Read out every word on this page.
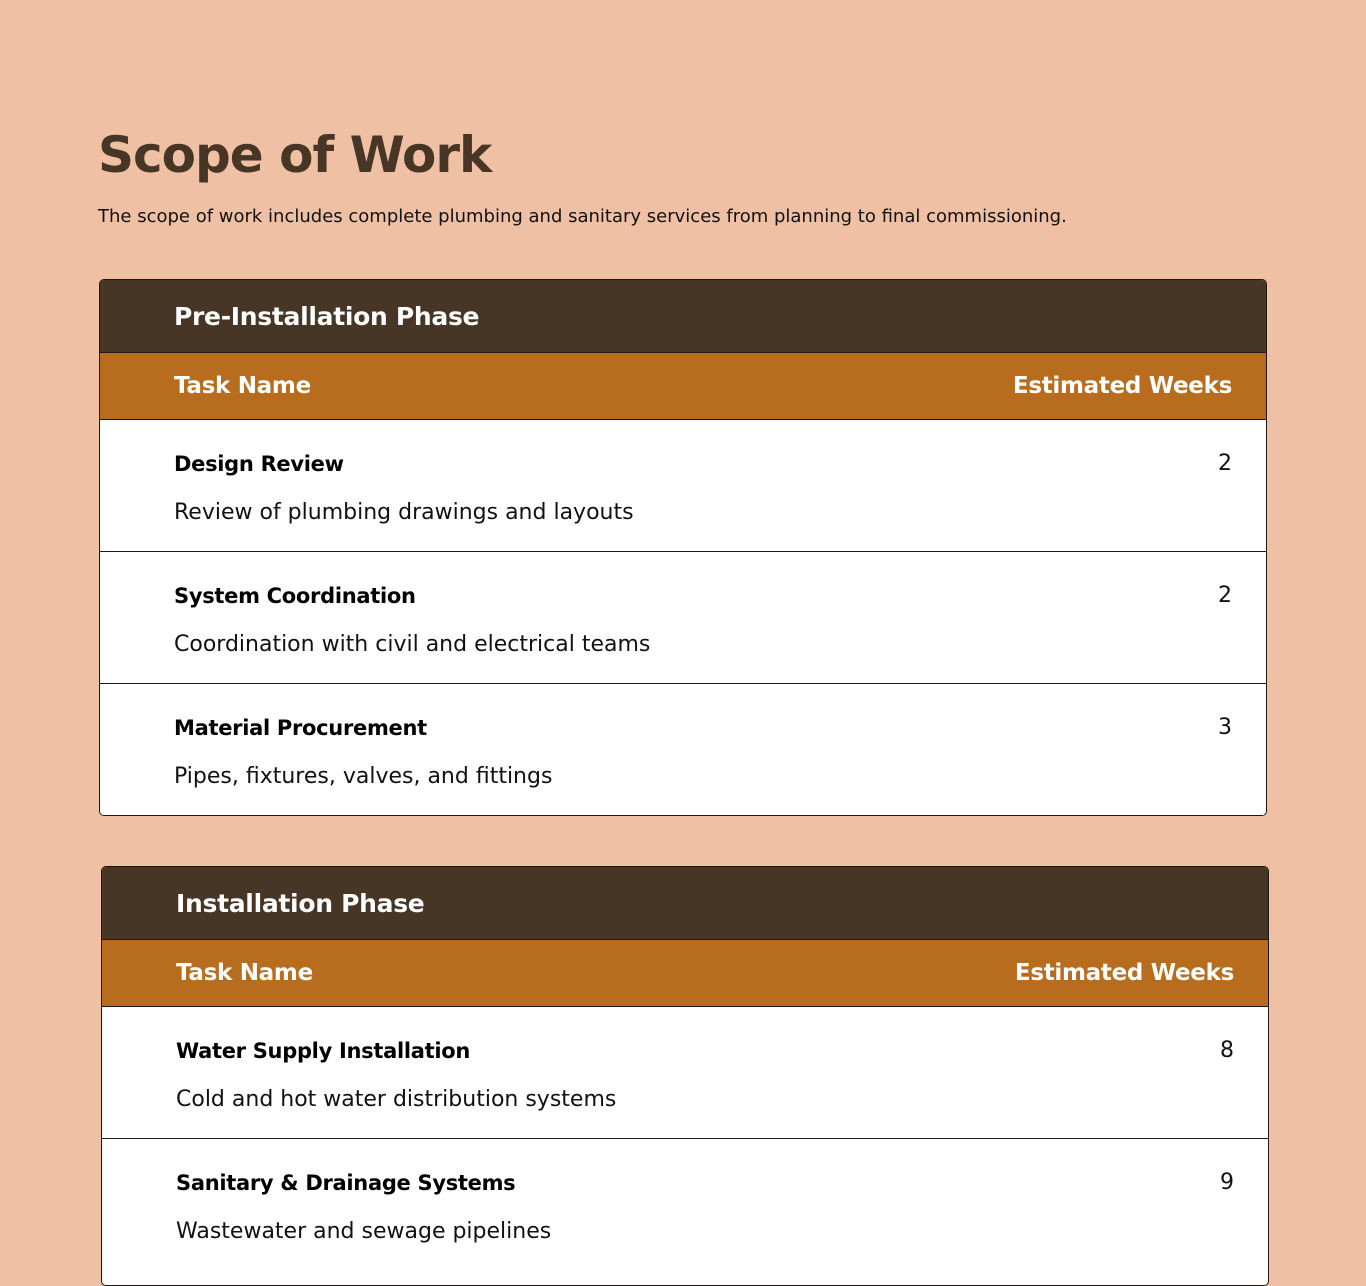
Scope of Work

The scope of work includes complete plumbing and sanitary services from planning to final commissioning.

Pre-Installation Phase
Task Name	Estimated Weeks
Design Review	2
Review of plumbing drawings and layouts
System Coordination	2
Coordination with civil and electrical teams
Material Procurement	3
Pipes, fixtures, valves, and fittings
Installation Phase
Task Name	Estimated Weeks
Water Supply Installation	8
Cold and hot water distribution systems
Sanitary & Drainage Systems	9
Wastewater and sewage pipelines
